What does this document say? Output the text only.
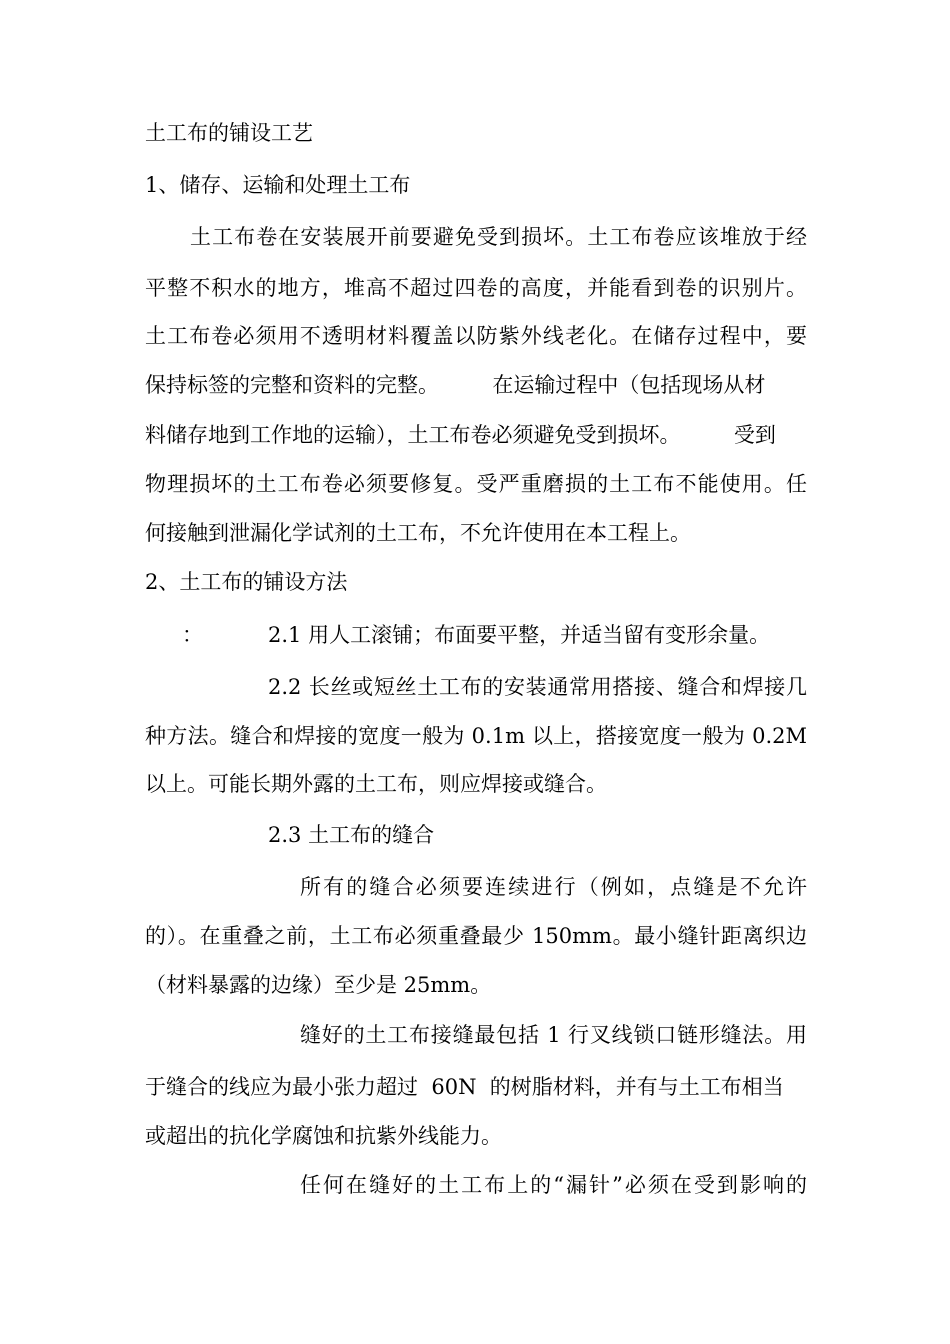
土工布的铺设工艺
1、储存、运输和处理土工布
土工布卷在安装展开前要避免受到损坏。土工布卷应该堆放于经
平整不积水的地方，堆高不超过四卷的高度，并能看到卷的识别片。
土工布卷必须用不透明材料覆盖以防紫外线老化。在储存过程中，要
保持标签的完整和资料的完整。        在运输过程中（包括现场从材
料储存地到工作地的运输），土工布卷必须避免受到损坏。        受到
物理损坏的土工布卷必须要修复。受严重磨损的土工布不能使用。任
何接触到泄漏化学试剂的土工布，不允许使用在本工程上。
2、土工布的铺设方法
：	2.1 用人工滚铺；布面要平整，并适当留有变形余量。
2.2 长丝或短丝土工布的安装通常用搭接、缝合和焊接几
种方法。缝合和焊接的宽度一般为 0.1m 以上，搭接宽度一般为 0.2M
以上。可能长期外露的土工布，则应焊接或缝合。
2.3 土工布的缝合
所有的缝合必须要连续进行（例如，点缝是不允许
的）。在重叠之前，土工布必须重叠最少 150mm。最小缝针距离织边
（材料暴露的边缘）至少是 25mm。
缝好的土工布接缝最包括 1 行叉线锁口链形缝法。用
于缝合的线应为最小张力超过  60N  的树脂材料，并有与土工布相当
或超出的抗化学腐蚀和抗紫外线能力。
任何在缝好的土工布上的“漏针”必须在受到影响的
